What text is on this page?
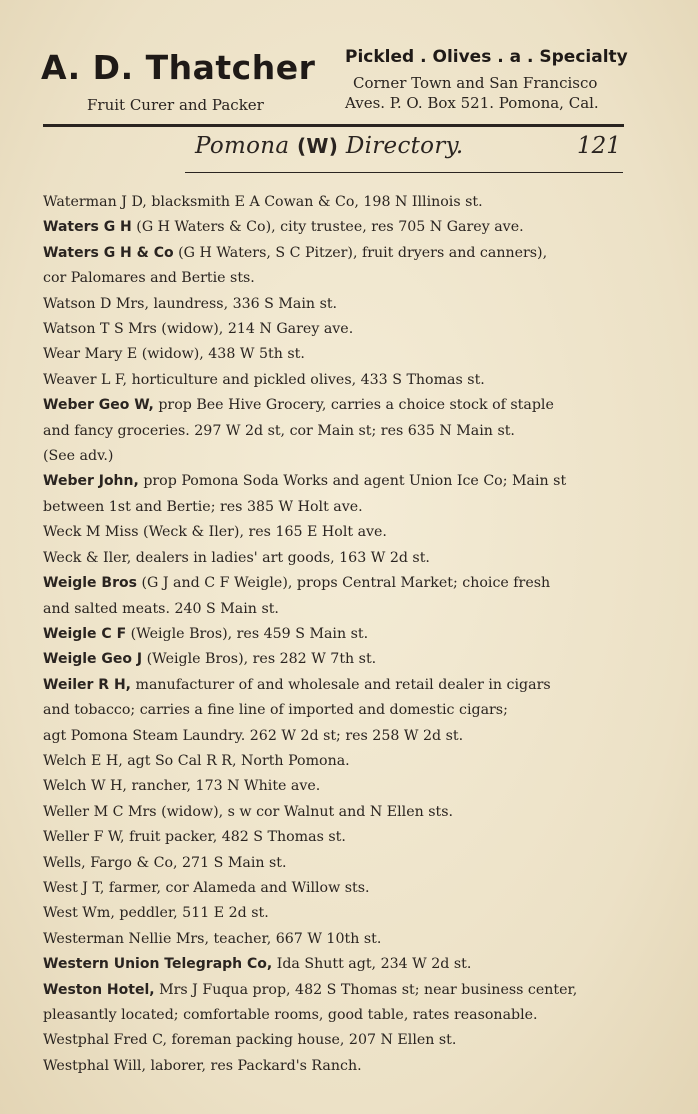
A. D. Thatcher
Fruit Curer and Packer
Pickled . Olives . a . Specialty
Corner Town and San Francisco
Aves. P. O. Box 521. Pomona, Cal.
Pomona (W) Directory.	121

Waterman J D, blacksmith E A Cowan & Co, 198 N Illinois st.

Waters G H (G H Waters & Co), city trustee, res 705 N Garey ave.

Waters G H & Co (G H Waters, S C Pitzer), fruit dryers and canners),
cor Palomares and Bertie sts.

Watson D Mrs, laundress, 336 S Main st.

Watson T S Mrs (widow), 214 N Garey ave.

Wear Mary E (widow), 438 W 5th st.

Weaver L F, horticulture and pickled olives, 433 S Thomas st.

Weber Geo W, prop Bee Hive Grocery, carries a choice stock of staple
and fancy groceries. 297 W 2d st, cor Main st; res 635 N Main st.
(See adv.)

Weber John, prop Pomona Soda Works and agent Union Ice Co; Main st
between 1st and Bertie; res 385 W Holt ave.

Weck M Miss (Weck & Iler), res 165 E Holt ave.

Weck & Iler, dealers in ladies' art goods, 163 W 2d st.

Weigle Bros (G J and C F Weigle), props Central Market; choice fresh
and salted meats. 240 S Main st.

Weigle C F (Weigle Bros), res 459 S Main st.

Weigle Geo J (Weigle Bros), res 282 W 7th st.

Weiler R H, manufacturer of and wholesale and retail dealer in cigars
and tobacco; carries a fine line of imported and domestic cigars;
agt Pomona Steam Laundry. 262 W 2d st; res 258 W 2d st.

Welch E H, agt So Cal R R, North Pomona.

Welch W H, rancher, 173 N White ave.

Weller M C Mrs (widow), s w cor Walnut and N Ellen sts.

Weller F W, fruit packer, 482 S Thomas st.

Wells, Fargo & Co, 271 S Main st.

West J T, farmer, cor Alameda and Willow sts.

West Wm, peddler, 511 E 2d st.

Westerman Nellie Mrs, teacher, 667 W 10th st.

Western Union Telegraph Co, Ida Shutt agt, 234 W 2d st.

Weston Hotel, Mrs J Fuqua prop, 482 S Thomas st; near business center,
pleasantly located; comfortable rooms, good table, rates reasonable.

Westphal Fred C, foreman packing house, 207 N Ellen st.

Westphal Will, laborer, res Packard's Ranch.
